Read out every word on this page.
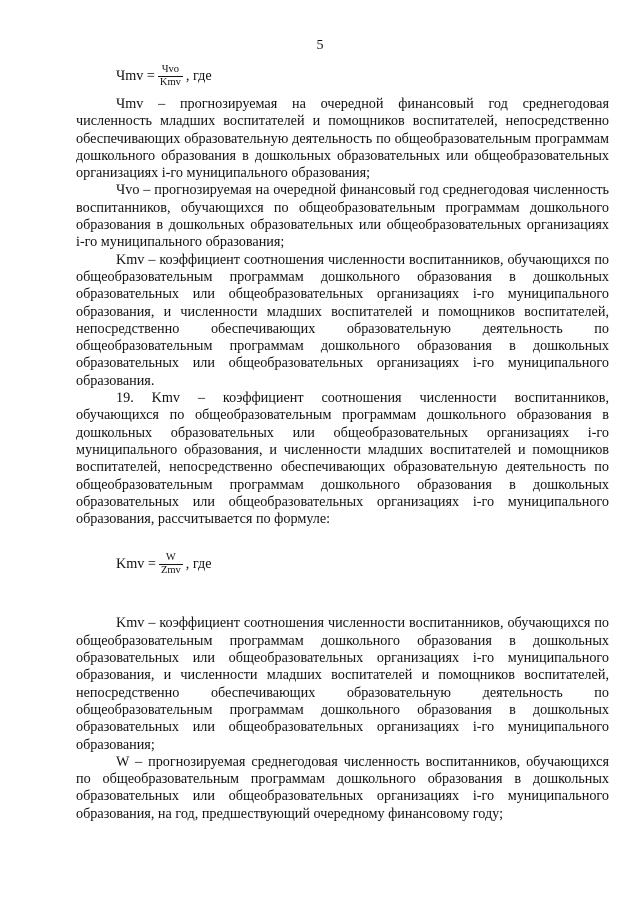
5
Чmv = $\frac{\text{Чvo}}{\text{Kmv}}$ , где

Чmv – прогнозируемая на очередной финансовый год среднегодовая численность младших воспитателей и помощников воспитателей, непосредственно обеспечивающих образовательную деятельность по общеобразовательным программам дошкольного образования в дошкольных образовательных или общеобразовательных организациях i-го муниципального образования;

Чvo – прогнозируемая на очередной финансовый год среднегодовая численность воспитанников, обучающихся по общеобразовательным программам дошкольного образования в дошкольных образовательных или общеобразовательных организациях i-го муниципального образования;

Kmv – коэффициент соотношения численности воспитанников, обучающихся по общеобразовательным программам дошкольного образования в дошкольных образовательных или общеобразовательных организациях i-го муниципального образования, и численности младших воспитателей и помощников воспитателей, непосредственно обеспечивающих образовательную деятельность по общеобразовательным программам дошкольного образования в дошкольных образовательных или общеобразовательных организациях i-го муниципального образования.

19. Kmv – коэффициент соотношения численности воспитанников, обучающихся по общеобразовательным программам дошкольного образования в дошкольных образовательных или общеобразовательных организациях i-го муниципального образования, и численности младших воспитателей и помощников воспитателей, непосредственно обеспечивающих образовательную деятельность по общеобразовательным программам дошкольного образования в дошкольных образовательных или общеобразовательных организациях i-го муниципального образования, рассчитывается по формуле:

Kmv = $\frac{W}{\text{Zmv}}$ , где

Kmv – коэффициент соотношения численности воспитанников, обучающихся по общеобразовательным программам дошкольного образования в дошкольных образовательных или общеобразовательных организациях i-го муниципального образования, и численности младших воспитателей и помощников воспитателей, непосредственно обеспечивающих образовательную деятельность по общеобразовательным программам дошкольного образования в дошкольных образовательных или общеобразовательных организациях i-го муниципального образования;

W – прогнозируемая среднегодовая численность воспитанников, обучающихся по общеобразовательным программам дошкольного образования в дошкольных образовательных или общеобразовательных организациях i-го муниципального образования, на год, предшествующий очередному финансовому году;
